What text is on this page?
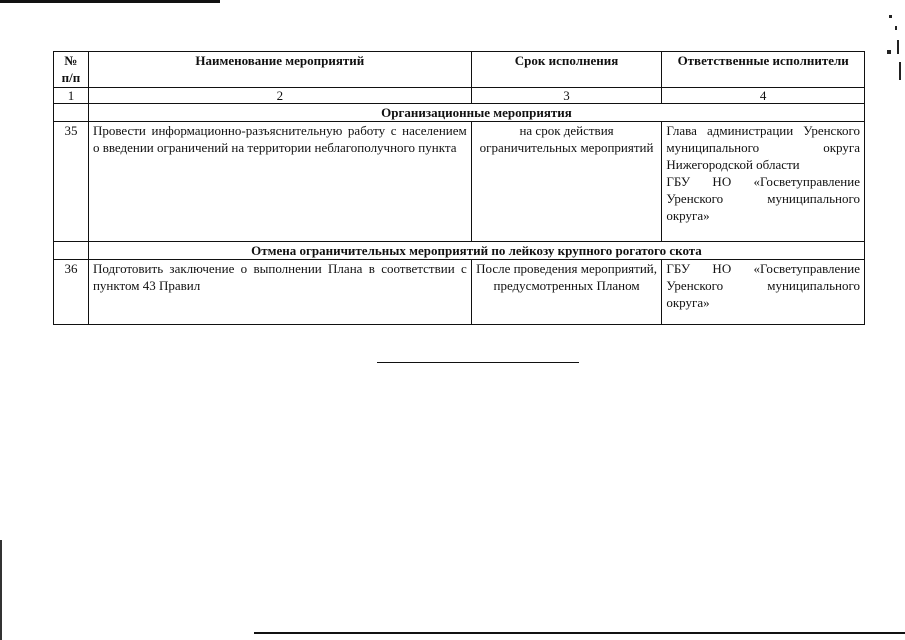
№ п/п	Наименование мероприятий	Срок исполнения	Ответственные исполнители
1	2	3	4
	Организационные мероприятия		
35	Провести информационно-разъяснительную работу с населением о введении ограничений на территории неблагополучного пункта	на срок действия ограничительных мероприятий	Глава администрации Уренского муниципального округа Нижегородской области
ГБУ НО «Госветуправление Уренского муниципального округа»

	Отмена ограничительных мероприятий по лейкозу крупного рогатого скота		
36	Подготовить заключение о выполнении Плана в соответствии с пунктом 43 Правил	После проведения мероприятий, предусмотренных Планом	ГБУ НО «Госветуправление Уренского муниципального округа»
